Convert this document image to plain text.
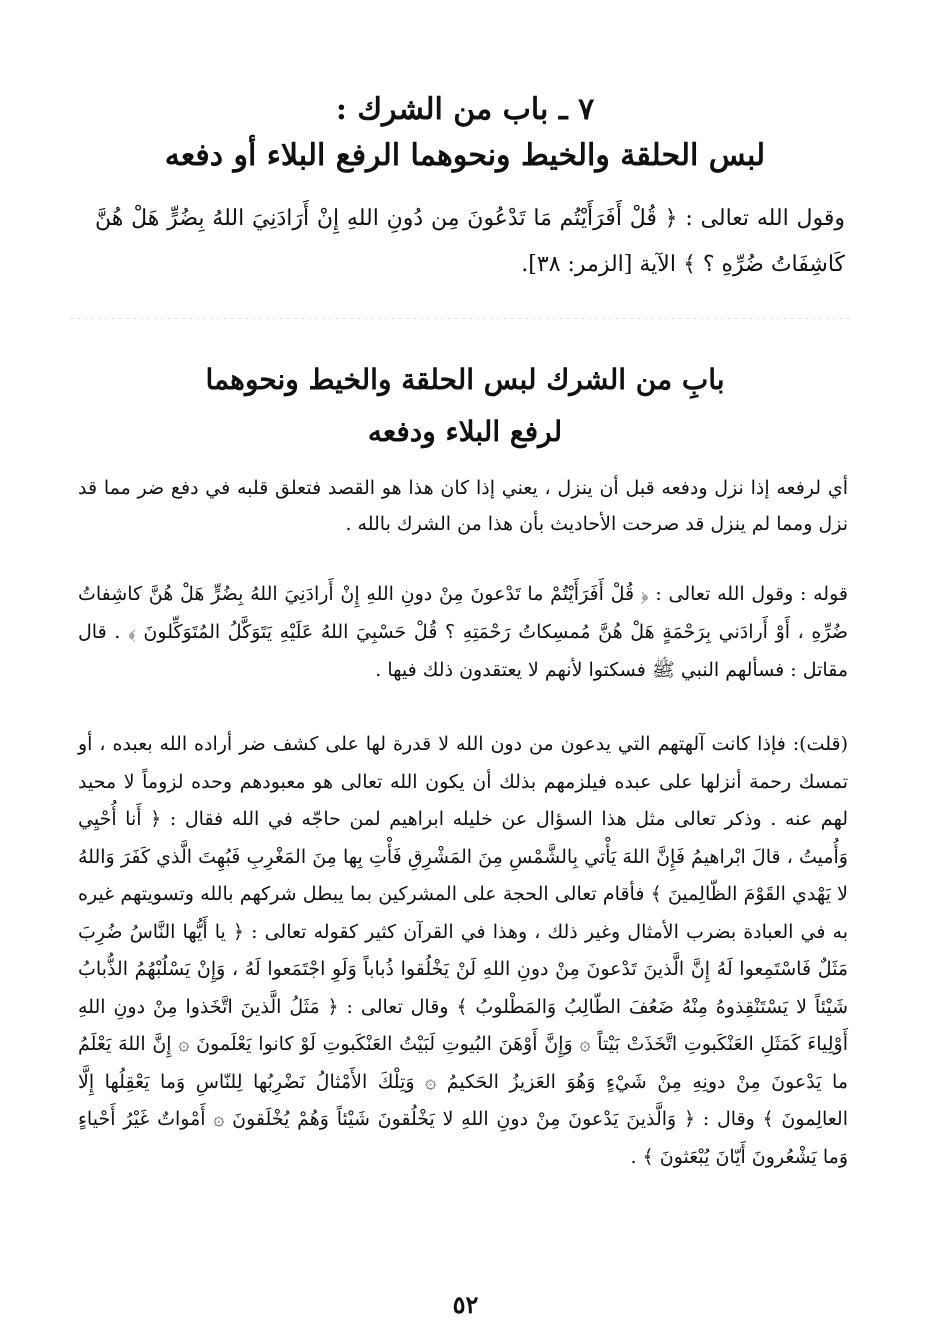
٧ ـ باب من الشرك :
لبس الحلقة والخيط ونحوهما الرفع البلاء أو دفعه
وقول الله تعالى : ﴿ قُلْ أَفَرَأَيْتُم مَا تَدْعُونَ مِن دُونِ اللهِ إِنْ أَرَادَنِيَ اللهُ بِضُرٍّ هَلْ هُنَّ كَاشِفَاتُ ضُرِّهِ ؟ ﴾ الآية [الزمر: ٣٨].
بابِ من الشرك لبس الحلقة والخيط ونحوهما
لرفع البلاء ودفعه
أي لرفعه إذا نزل ودفعه قبل أن ينزل ، يعني إذا كان هذا هو القصد فتعلق قلبه في دفع ضر مما قد نزل ومما لم ينزل قد صرحت الأحاديث بأن هذا من الشرك بالله .
قوله : وقول الله تعالى : ﴿ قُلْ أَفَرَأَيْتُمْ ما تَدْعونَ مِنْ دونِ اللهِ إِنْ أَرادَنِيَ اللهُ بِضُرٍّ هَلْ هُنَّ كاشِفاتُ ضُرِّهِ ، أَوْ أَرادَني بِرَحْمَةٍ هَلْ هُنَّ مُمسِكاتُ رَحْمَتِهِ ؟ قُلْ حَسْبِيَ اللهُ عَلَيْهِ يَتَوَكَّلُ المُتَوَكِّلونَ ﴾ . قال مقاتل : فسألهم النبي ﷺ فسكتوا لأنهم لا يعتقدون ذلك فيها .
(قلت): فإذا كانت آلهتهم التي يدعون من دون الله لا قدرة لها على كشف ضر أراده الله بعبده ، أو تمسك رحمة أنزلها على عبده فيلزمهم بذلك أن يكون الله تعالى هو معبودهم وحده لزوماً لا محيد لهم عنه . وذكر تعالى مثل هذا السؤال عن خليله ابراهيم لمن حاجّه في الله فقال : ﴿ أَنا أُحْيِي وَأُميتُ ، قالَ ابْراهيمُ فَإِنَّ اللهَ يَأْتي بِالشَّمْسِ مِنَ المَشْرِقِ فَأْتِ بِها مِنَ المَغْرِبِ فَبُهِتَ الَّذي كَفَرَ وَاللهُ لا يَهْدي القَوْمَ الظّالِمينَ ﴾ فأقام تعالى الحجة على المشركين بما يبطل شركهم بالله وتسويتهم غيره به في العبادة بضرب الأمثال وغير ذلك ، وهذا في القرآن كثير كقوله تعالى : ﴿ يا أَيُّها النَّاسُ ضُرِبَ مَثَلٌ فَاسْتَمِعوا لَهُ إِنَّ الَّذينَ تَدْعونَ مِنْ دونِ اللهِ لَنْ يَخْلُقوا ذُباباً وَلَوِ اجْتَمَعوا لَهُ ، وَإِنْ يَسْلُبْهُمُ الذُّبابُ شَيْئاً لا يَسْتَنْقِذوهُ مِنْهُ ضَعُفَ الطّالِبُ وَالمَطْلوبُ ﴾ وقال تعالى : ﴿ مَثَلُ الَّذينَ اتَّخَذوا مِنْ دونِ اللهِ أَوْلِياءَ كَمَثَلِ العَنْكَبوتِ اتَّخَذَتْ بَيْتاً ۞ وَإِنَّ أَوْهَنَ البُيوتِ لَبَيْتُ العَنْكَبوتِ لَوْ كانوا يَعْلَمونَ ۞ إِنَّ اللهَ يَعْلَمُ ما يَدْعونَ مِنْ دونِهِ مِنْ شَيْءٍ وَهُوَ العَزيزُ الحَكيمُ ۞ وَتِلْكَ الأَمْثالُ نَضْرِبُها لِلنّاسِ وَما يَعْقِلُها إِلَّا العالِمونَ ﴾ وقال : ﴿ وَالَّذينَ يَدْعونَ مِنْ دونِ اللهِ لا يَخْلُقونَ شَيْئاً وَهُمْ يُخْلَقونَ ۞ أَمْواتٌ غَيْرُ أَحْياءٍ وَما يَشْعُرونَ أَيّانَ يُبْعَثونَ ﴾ .
٥٢
